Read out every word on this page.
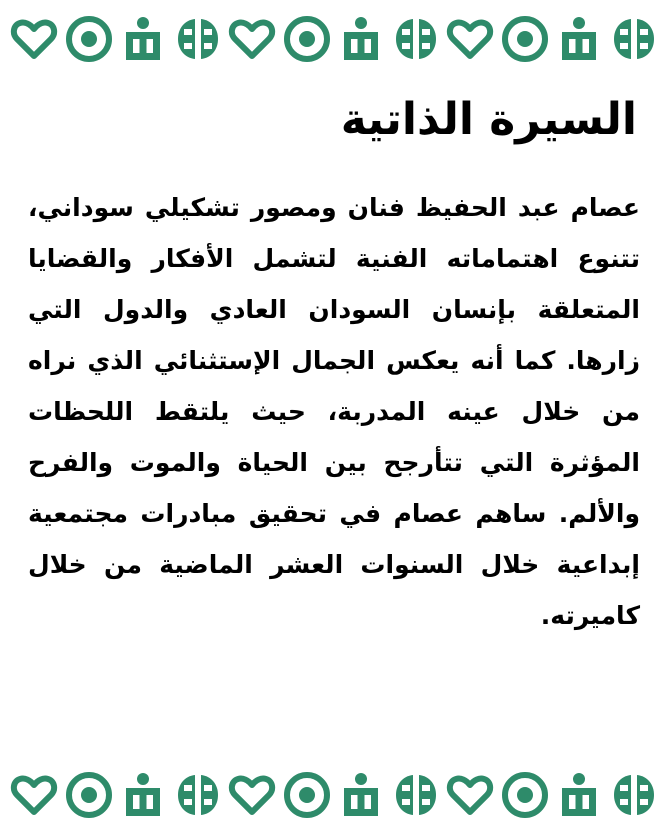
السيرة الذاتية

عصام عبد الحفيظ فنان ومصور تشكيلي سوداني، تتنوع اهتماماته الفنية لتشمل الأفكار والقضايا المتعلقة بإنسان السودان العادي والدول التي زارها. كما أنه يعكس الجمال الإستثنائي الذي نراه من خلال عينه المدربة، حيث يلتقط اللحظات المؤثرة التي تتأرجح بين الحياة والموت والفرح والألم. ساهم عصام في تحقيق مبادرات مجتمعية إبداعية خلال السنوات العشر الماضية من خلال كاميرته.
